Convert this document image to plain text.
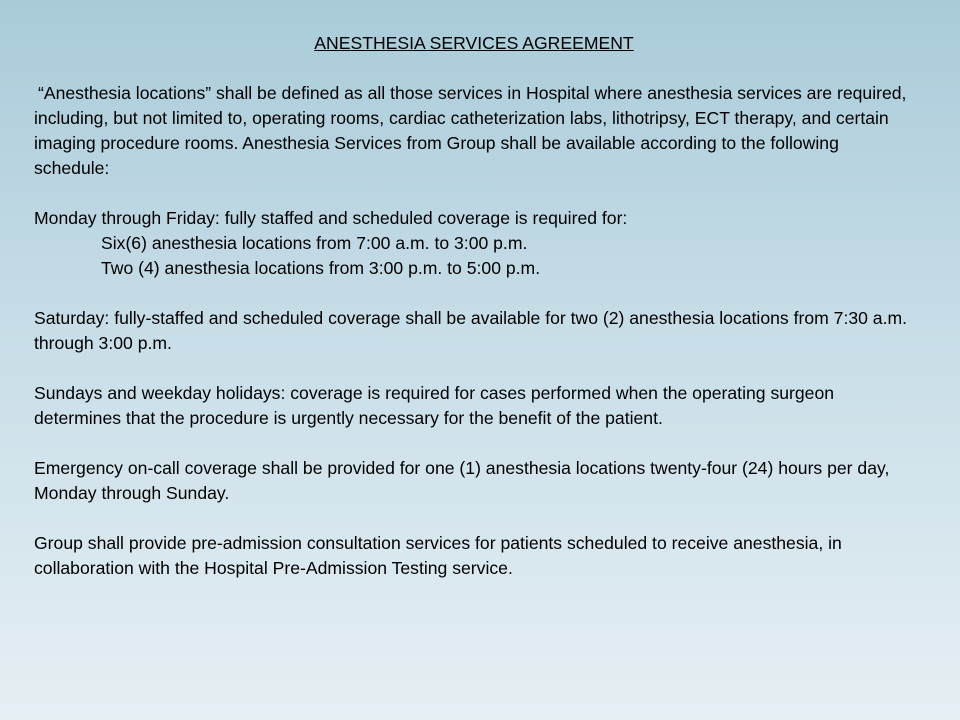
ANESTHESIA SERVICES AGREEMENT

“Anesthesia locations” shall be defined as all those services in Hospital where anesthesia services are required, including, but not limited to, operating rooms, cardiac catheterization labs, lithotripsy, ECT therapy, and certain imaging procedure rooms. Anesthesia Services from Group shall be available according to the following schedule:

Monday through Friday: fully staffed and scheduled coverage is required for:

Six(6) anesthesia locations from 7:00 a.m. to 3:00 p.m.

Two (4) anesthesia locations from 3:00 p.m. to 5:00 p.m.

Saturday: fully-staffed and scheduled coverage shall be available for two (2) anesthesia locations from 7:30 a.m. through 3:00 p.m.

Sundays and weekday holidays: coverage is required for cases performed when the operating surgeon determines that the procedure is urgently necessary for the benefit of the patient.

Emergency on-call coverage shall be provided for one (1) anesthesia locations twenty-four (24) hours per day, Monday through Sunday.

Group shall provide pre-admission consultation services for patients scheduled to receive anesthesia, in collaboration with the Hospital Pre-Admission Testing service.
